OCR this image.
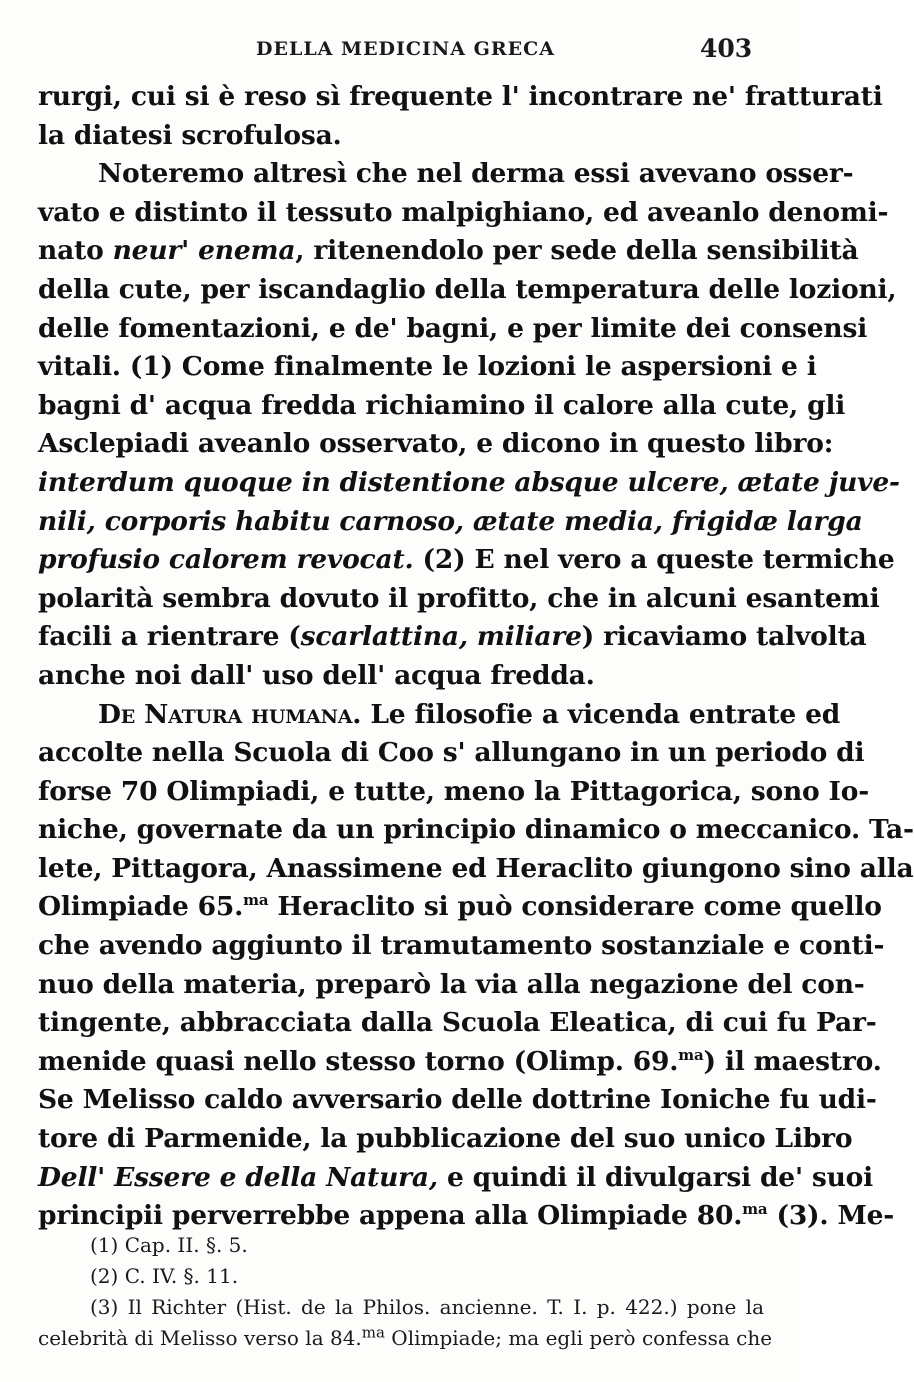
DELLA MEDICINA GRECA	403
rurgi, cui si è reso sì frequente l' incontrare ne' fratturati
la diatesi scrofulosa.
Noteremo altresì che nel derma essi avevano osser-
vato e distinto il tessuto malpighiano, ed aveanlo denomi-
nato neur' enema, ritenendolo per sede della sensibilità
della cute, per iscandaglio della temperatura delle lozioni,
delle fomentazioni, e de' bagni, e per limite dei consensi
vitali. (1) Come finalmente le lozioni le aspersioni e i
bagni d' acqua fredda richiamino il calore alla cute, gli
Asclepiadi aveanlo osservato, e dicono in questo libro:
interdum quoque in distentione absque ulcere, ætate juve-
nili, corporis habitu carnoso, ætate media, frigidæ larga
profusio calorem revocat. (2) E nel vero a queste termiche
polarità sembra dovuto il profitto, che in alcuni esantemi
facili a rientrare (scarlattina, miliare) ricaviamo talvolta
anche noi dall' uso dell' acqua fredda.
De Natura humana. Le filosofie a vicenda entrate ed
accolte nella Scuola di Coo s' allungano in un periodo di
forse 70 Olimpiadi, e tutte, meno la Pittagorica, sono Io-
niche, governate da un principio dinamico o meccanico. Ta-
lete, Pittagora, Anassimene ed Heraclito giungono sino alla
Olimpiade 65.$^{ma}$ Heraclito si può considerare come quello
che avendo aggiunto il tramutamento sostanziale e conti-
nuo della materia, preparò la via alla negazione del con-
tingente, abbracciata dalla Scuola Eleatica, di cui fu Par-
menide quasi nello stesso torno (Olimp. 69.$^{ma}$) il maestro.
Se Melisso caldo avversario delle dottrine Ioniche fu udi-
tore di Parmenide, la pubblicazione del suo unico Libro
Dell' Essere e della Natura, e quindi il divulgarsi de' suoi
principii perverrebbe appena alla Olimpiade 80.$^{ma}$ (3). Me-
(1) Cap. II. §. 5.
(2) C. IV. §. 11.
(3) Il Richter (Hist. de la Philos. ancienne. T. I. p. 422.) pone la
celebrità di Melisso verso la 84.$^{ma}$ Olimpiade; ma egli però confessa che
